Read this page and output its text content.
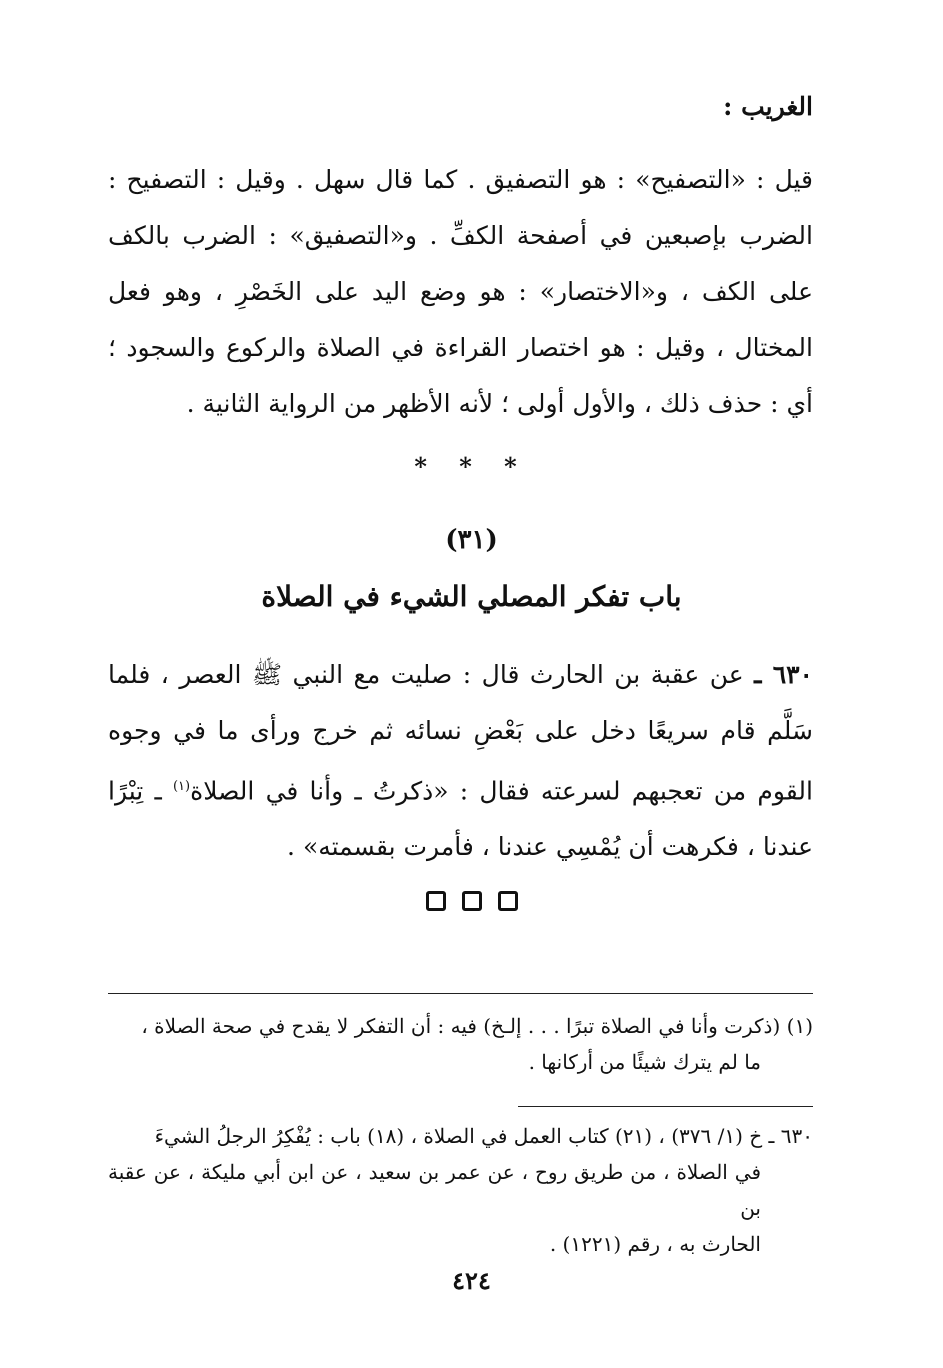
الغريب :
قيل : «التصفيح» : هو التصفيق . كما قال سهل . وقيل : التصفيح : الضرب بإصبعين في أصفحة الكفِّ . و«التصفيق» : الضرب بالكف على الكف ، و«الاختصار» : هو وضع اليد على الخَصْرِ ، وهو فعل المختال ، وقيل : هو اختصار القراءة في الصلاة والركوع والسجود ؛ أي : حذف ذلك ، والأول أولى ؛ لأنه الأظهر من الرواية الثانية .
* * *
(٣١)
باب تفكر المصلي الشيء في الصلاة
٦٣٠ ـ عن عقبة بن الحارث قال : صليت مع النبي ﷺ العصر ، فلما سَلَّم قام سريعًا دخل على بَعْضِ نسائه ثم خرج ورأى ما في وجوه القوم من تعجبهم لسرعته فقال : «ذكرتُ ـ وأنا في الصلاة$^{(١)}$ ـ تِبْرًا عندنا ، فكرهت أن يُمْسِي عندنا ، فأمرت بقسمته» .
(١) (ذكرت وأنا في الصلاة تبرًا . . . إلـخ) فيه : أن التفكر لا يقدح في صحة الصلاة ،
ما لم يترك شيئًا من أركانها .
٦٣٠ ـ خ (١/ ٣٧٦) ، (٢١) كتاب العمل في الصلاة ، (١٨) باب : يُفْكِرُ الرجلُ الشيءَ
في الصلاة ، من طريق روح ، عن عمر بن سعيد ، عن ابن أبي مليكة ، عن عقبة بن
الحارث به ، رقم (١٢٢١) .
٤٢٤
